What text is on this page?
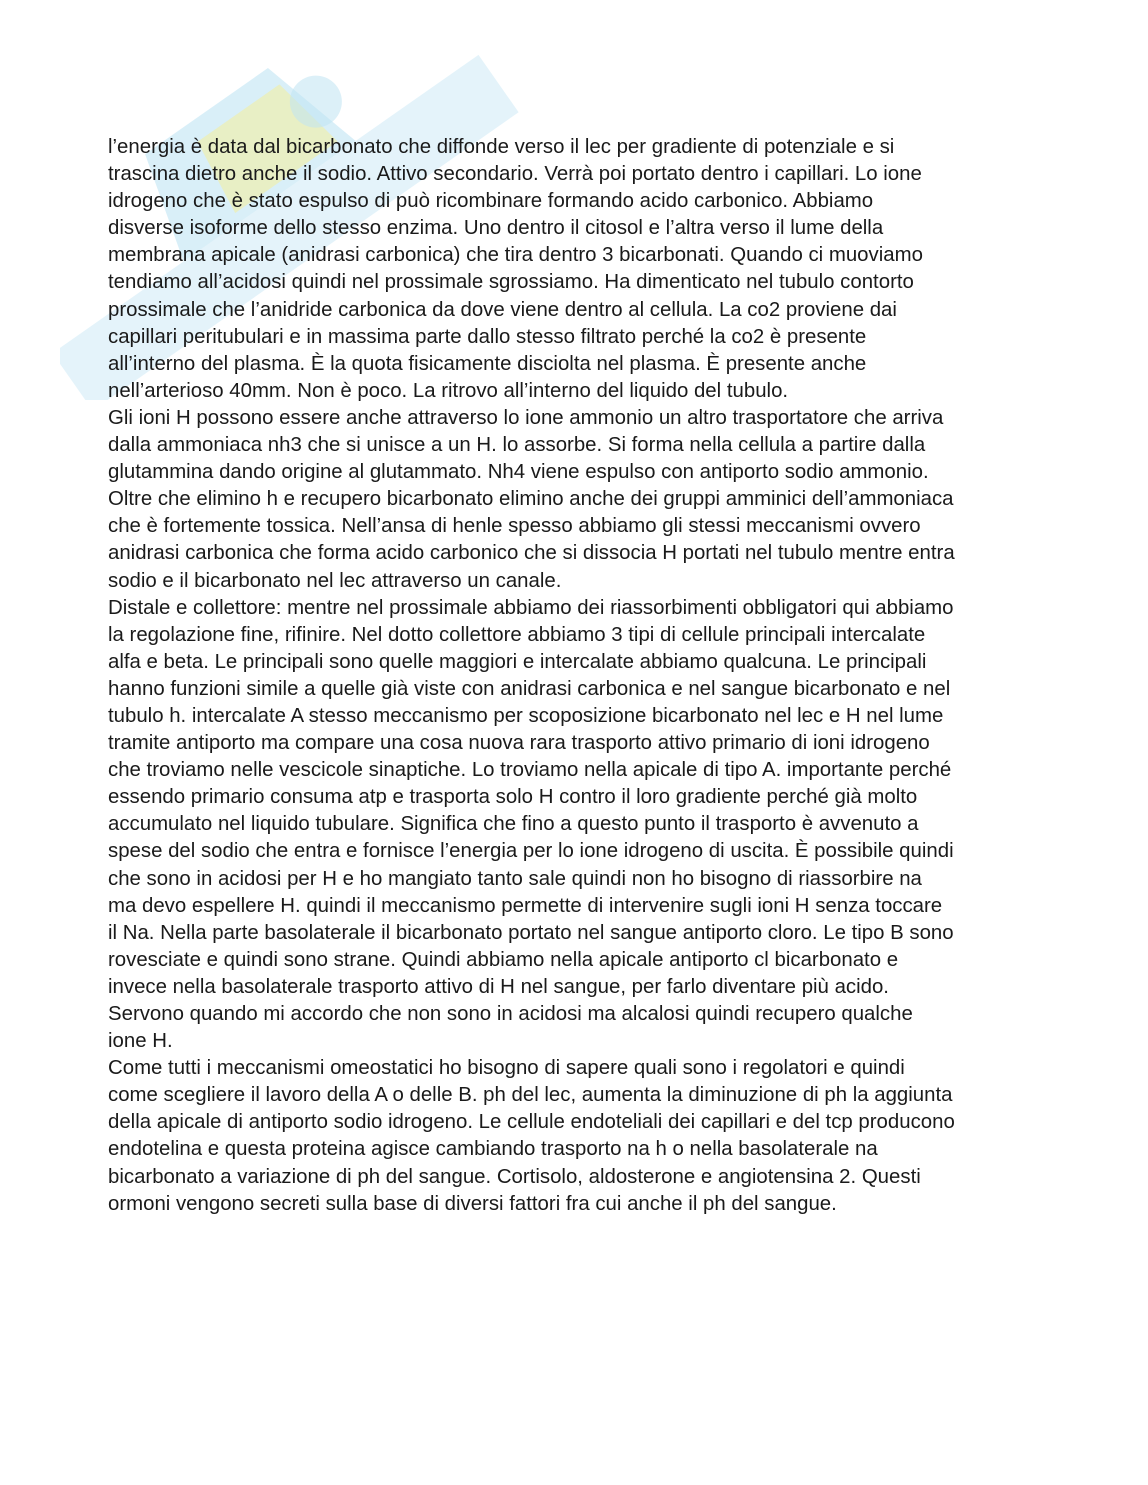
l’energia è data dal bicarbonato che diffonde verso il lec per gradiente di potenziale e si
trascina dietro anche il sodio. Attivo secondario. Verrà poi portato dentro i capillari. Lo ione
idrogeno che è stato espulso di può ricombinare formando acido carbonico. Abbiamo
disverse isoforme dello stesso enzima. Uno dentro il citosol e l’altra verso il lume della
membrana apicale (anidrasi carbonica) che tira dentro 3 bicarbonati. Quando ci muoviamo
tendiamo all’acidosi quindi nel prossimale sgrossiamo. Ha dimenticato nel tubulo contorto
prossimale che l’anidride carbonica da dove viene dentro al cellula. La co2 proviene dai
capillari peritubulari e in massima parte dallo stesso filtrato perché la co2 è presente
all’interno del plasma. È la quota fisicamente disciolta nel plasma. È presente anche
nell’arterioso 40mm. Non è poco. La ritrovo all’interno del liquido del tubulo.

Gli ioni H possono essere anche attraverso lo ione ammonio un altro trasportatore che arriva
dalla ammoniaca nh3 che si unisce a un H. lo assorbe. Si forma nella cellula a partire dalla
glutammina dando origine al glutammato. Nh4 viene espulso con antiporto sodio ammonio.
Oltre che elimino h e recupero bicarbonato elimino anche dei gruppi amminici dell’ammoniaca
che è fortemente tossica. Nell’ansa di henle spesso abbiamo gli stessi meccanismi ovvero
anidrasi carbonica che forma acido carbonico che si dissocia H portati nel tubulo mentre entra
sodio e il bicarbonato nel lec attraverso un canale.

Distale e collettore: mentre nel prossimale abbiamo dei riassorbimenti obbligatori qui abbiamo
la regolazione fine, rifinire. Nel dotto collettore abbiamo 3 tipi di cellule principali intercalate
alfa e beta. Le principali sono quelle maggiori e intercalate abbiamo qualcuna. Le principali
hanno funzioni simile a quelle già viste con anidrasi carbonica e nel sangue bicarbonato e nel
tubulo h. intercalate A stesso meccanismo per scoposizione bicarbonato nel lec e H nel lume
tramite antiporto ma compare una cosa nuova rara trasporto attivo primario di ioni idrogeno
che troviamo nelle vescicole sinaptiche. Lo troviamo nella apicale di tipo A. importante perché
essendo primario consuma atp e trasporta solo H contro il loro gradiente perché già molto
accumulato nel liquido tubulare. Significa che fino a questo punto il trasporto è avvenuto a
spese del sodio che entra e fornisce l’energia per lo ione idrogeno di uscita. È possibile quindi
che sono in acidosi per H e ho mangiato tanto sale quindi non ho bisogno di riassorbire na
ma devo espellere H. quindi il meccanismo permette di intervenire sugli ioni H senza toccare
il Na. Nella parte basolaterale il bicarbonato portato nel sangue antiporto cloro. Le tipo B sono
rovesciate e quindi sono strane. Quindi abbiamo nella apicale antiporto cl bicarbonato e
invece nella basolaterale trasporto attivo di H nel sangue, per farlo diventare più acido.
Servono quando mi accordo che non sono in acidosi ma alcalosi quindi recupero qualche
ione H.

Come tutti i meccanismi omeostatici ho bisogno di sapere quali sono i regolatori e quindi
come scegliere il lavoro della A o delle B. ph del lec, aumenta la diminuzione di ph la aggiunta
della apicale di antiporto sodio idrogeno. Le cellule endoteliali dei capillari e del tcp producono
endotelina e questa proteina agisce cambiando trasporto na h o nella basolaterale na
bicarbonato a variazione di ph del sangue. Cortisolo, aldosterone e angiotensina 2. Questi
ormoni vengono secreti sulla base di diversi fattori fra cui anche il ph del sangue.
